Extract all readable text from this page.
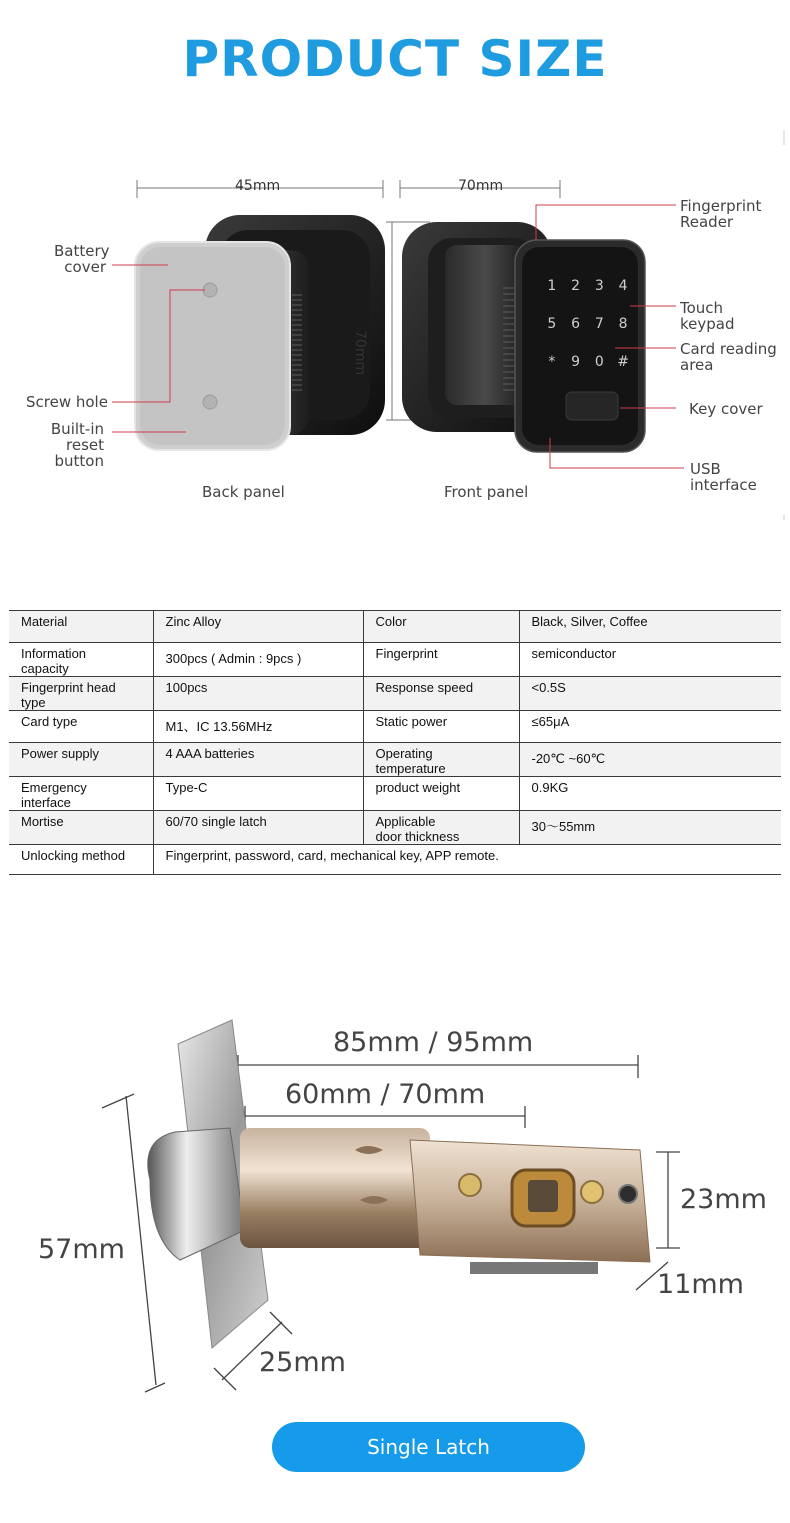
PRODUCT SIZE
1	2	3	4
5	6	7	8
*	9	0 #
45mm	70mm
70mm
Battery
cover
Screw hole
Built-in
reset button
Fingerprint
Reader
Touch
keypad
Card reading
area
Key cover
USB
interface
Back panel	Front panel
Material	Zinc Alloy	Color	Black, Silver, Coffee
Information
capacity	300pcs ( Admin : 9pcs )	Fingerprint	semiconductor
Fingerprint head
type	100pcs	Response speed	<0.5S
Card type	M1、IC 13.56MHz	Static power	≤65μA
Power supply	4 AAA batteries	Operating
temperature	-20℃ ~60℃
Emergency
interface	Type-C	product weight	0.9KG
Mortise	60/70 single latch	Applicable
door thickness	30～55mm
Unlocking method	Fingerprint, password, card, mechanical key, APP remote.		
85mm / 95mm
60mm / 70mm
57mm
25mm
23mm
11mm
Single Latch
